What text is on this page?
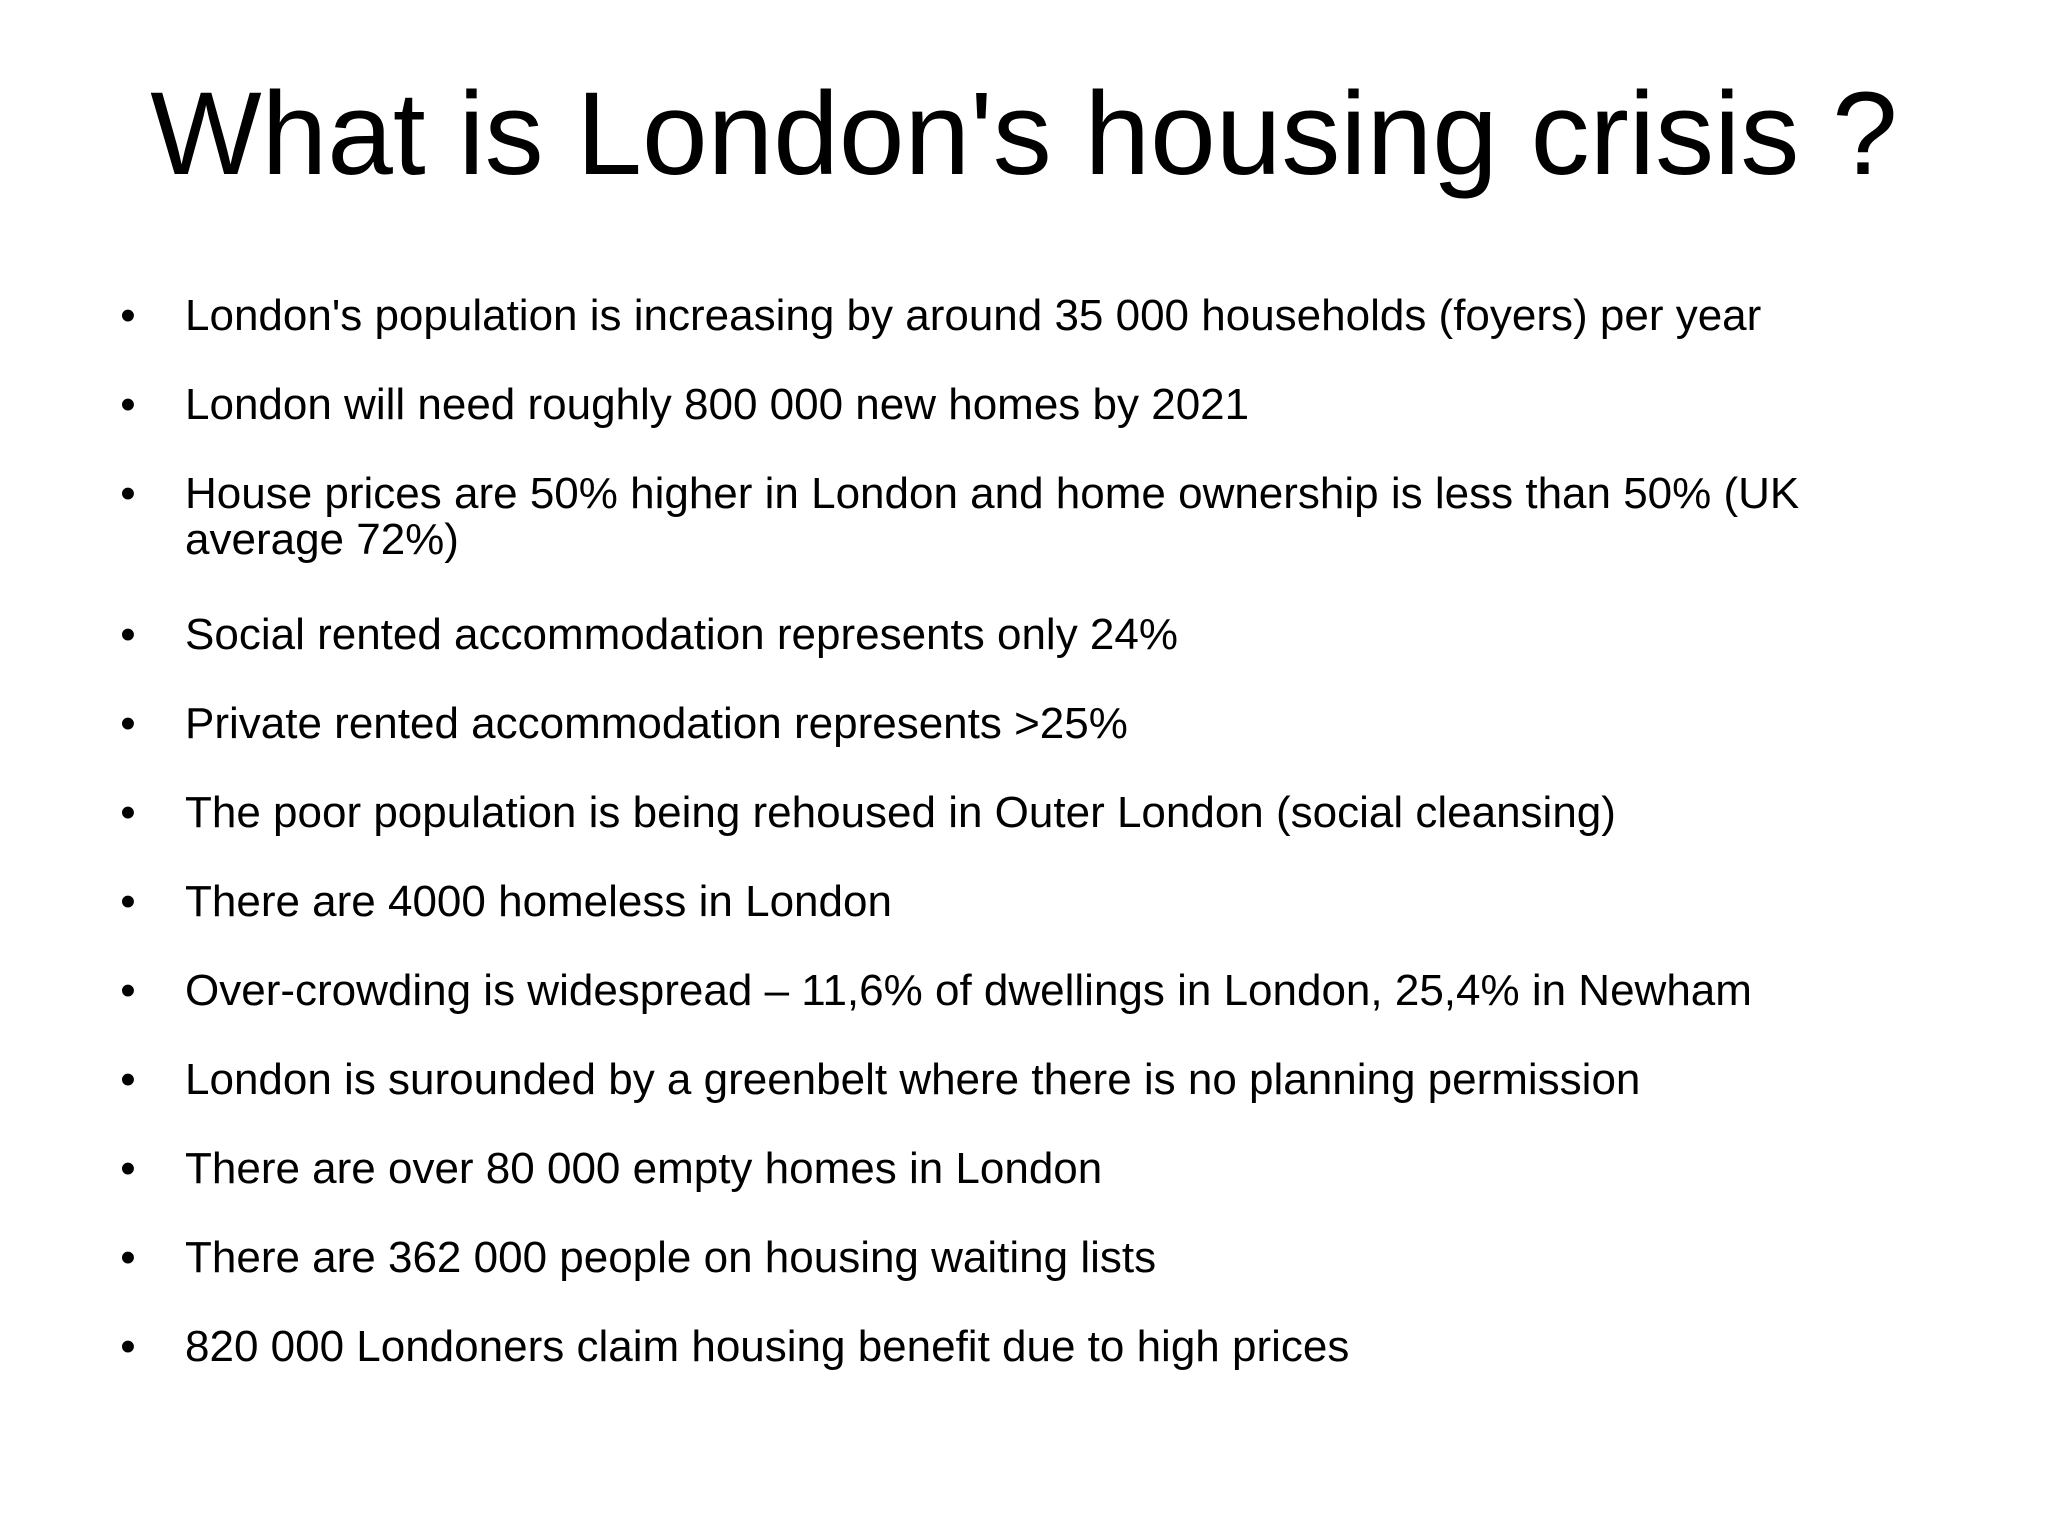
What is London's housing crisis ?
• London's population is increasing by around 35 000 households (foyers) per year
• London will need roughly 800 000 new homes by 2021
• House prices are 50% higher in London and home ownership is less than 50% (UK average 72%)
• Social rented accommodation represents only 24%
• Private rented accommodation represents >25%
• The poor population is being rehoused in Outer London (social cleansing)
• There are 4000 homeless in London
• Over-crowding is widespread – 11,6% of dwellings in London, 25,4% in Newham
• London is surounded by a greenbelt where there is no planning permission
• There are over 80 000 empty homes in London
• There are 362 000 people on housing waiting lists
• 820 000 Londoners claim housing benefit due to high prices
